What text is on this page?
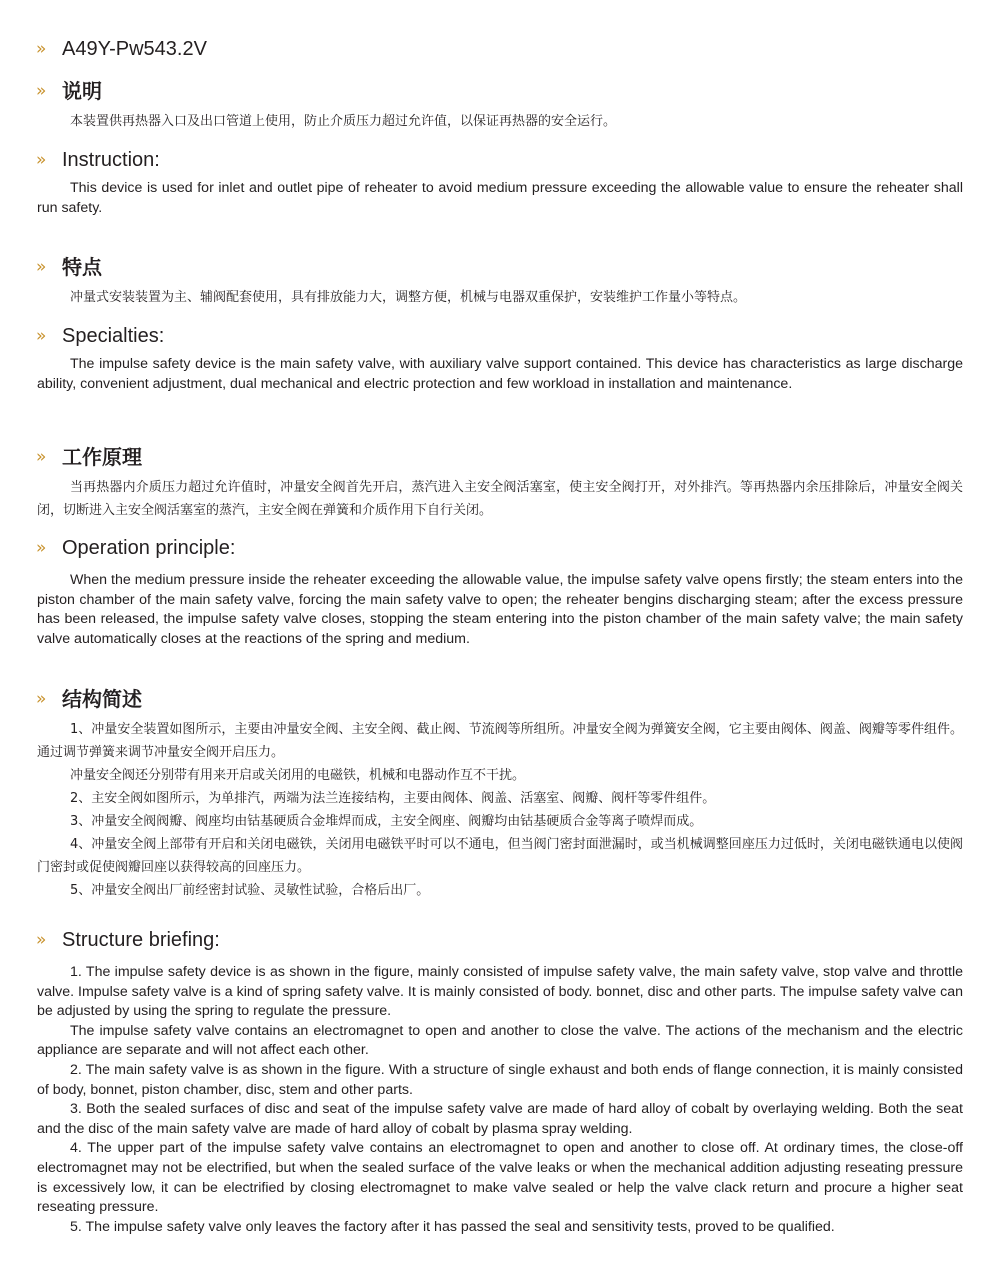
» A49Y-Pw543.2V
» 说明

本装置供再热器入口及出口管道上使用，防止介质压力超过允许值，以保证再热器的安全运行。

» Instruction:

This device is used for inlet and outlet pipe of reheater to avoid medium pressure exceeding the allowable value to ensure the reheater shall run safety.

» 特点

冲量式安装装置为主、辅阀配套使用，具有排放能力大，调整方便，机械与电器双重保护，安装维护工作量小等特点。

» Specialties:

The impulse safety device is the main safety valve, with auxiliary valve support contained. This device has characteristics as large discharge ability, convenient adjustment, dual mechanical and electric protection and few workload in installation and maintenance.

» 工作原理

当再热器内介质压力超过允许值时，冲量安全阀首先开启，蒸汽进入主安全阀活塞室，使主安全阀打开，对外排汽。等再热器内余压排除后，冲量安全阀关闭，切断进入主安全阀活塞室的蒸汽，主安全阀在弹簧和介质作用下自行关闭。

» Operation principle:

When the medium pressure inside the reheater exceeding the allowable value, the impulse safety valve opens firstly; the steam enters into the piston chamber of the main safety valve, forcing the main safety valve to open; the reheater bengins discharging steam; after the excess pressure has been released, the impulse safety valve closes, stopping the steam entering into the piston chamber of the main safety valve; the main safety valve automatically closes at the reactions of the spring and medium.

» 结构简述

1、冲量安全装置如图所示，主要由冲量安全阀、主安全阀、截止阀、节流阀等所组所。冲量安全阀为弹簧安全阀，它主要由阀体、阀盖、阀瓣等零件组件。通过调节弹簧来调节冲量安全阀开启压力。

冲量安全阀还分别带有用来开启或关闭用的电磁铁，机械和电器动作互不干扰。

2、主安全阀如图所示，为单排汽，两端为法兰连接结构，主要由阀体、阀盖、活塞室、阀瓣、阀杆等零件组件。

3、冲量安全阀阀瓣、阀座均由钴基硬质合金堆焊而成，主安全阀座、阀瓣均由钴基硬质合金等离子喷焊而成。

4、冲量安全阀上部带有开启和关闭电磁铁，关闭用电磁铁平时可以不通电，但当阀门密封面泄漏时，或当机械调整回座压力过低时，关闭电磁铁通电以使阀门密封或促使阀瓣回座以获得较高的回座压力。

5、冲量安全阀出厂前经密封试验、灵敏性试验，合格后出厂。

» Structure briefing:

1. The impulse safety device is as shown in the figure, mainly consisted of impulse safety valve, the main safety valve, stop valve and throttle valve. Impulse safety valve is a kind of spring safety valve. It is mainly consisted of body. bonnet, disc and other parts. The impulse safety valve can be adjusted by using the spring to regulate the pressure.

The impulse safety valve contains an electromagnet to open and another to close the valve. The actions of the mechanism and the electric appliance are separate and will not affect each other.

2. The main safety valve is as shown in the figure. With a structure of single exhaust and both ends of flange connection, it is mainly consisted of body, bonnet, piston chamber, disc, stem and other parts.

3. Both the sealed surfaces of disc and seat of the impulse safety valve are made of hard alloy of cobalt by overlaying welding. Both the seat and the disc of the main safety valve are made of hard alloy of cobalt by plasma spray welding.

4. The upper part of the impulse safety valve contains an electromagnet to open and another to close off. At ordinary times, the close-off electromagnet may not be electrified, but when the sealed surface of the valve leaks or when the mechanical addition adjusting reseating pressure is excessively low, it can be electrified by closing electromagnet to make valve sealed or help the valve clack return and procure a higher seat reseating pressure.

5. The impulse safety valve only leaves the factory after it has passed the seal and sensitivity tests, proved to be qualified.
